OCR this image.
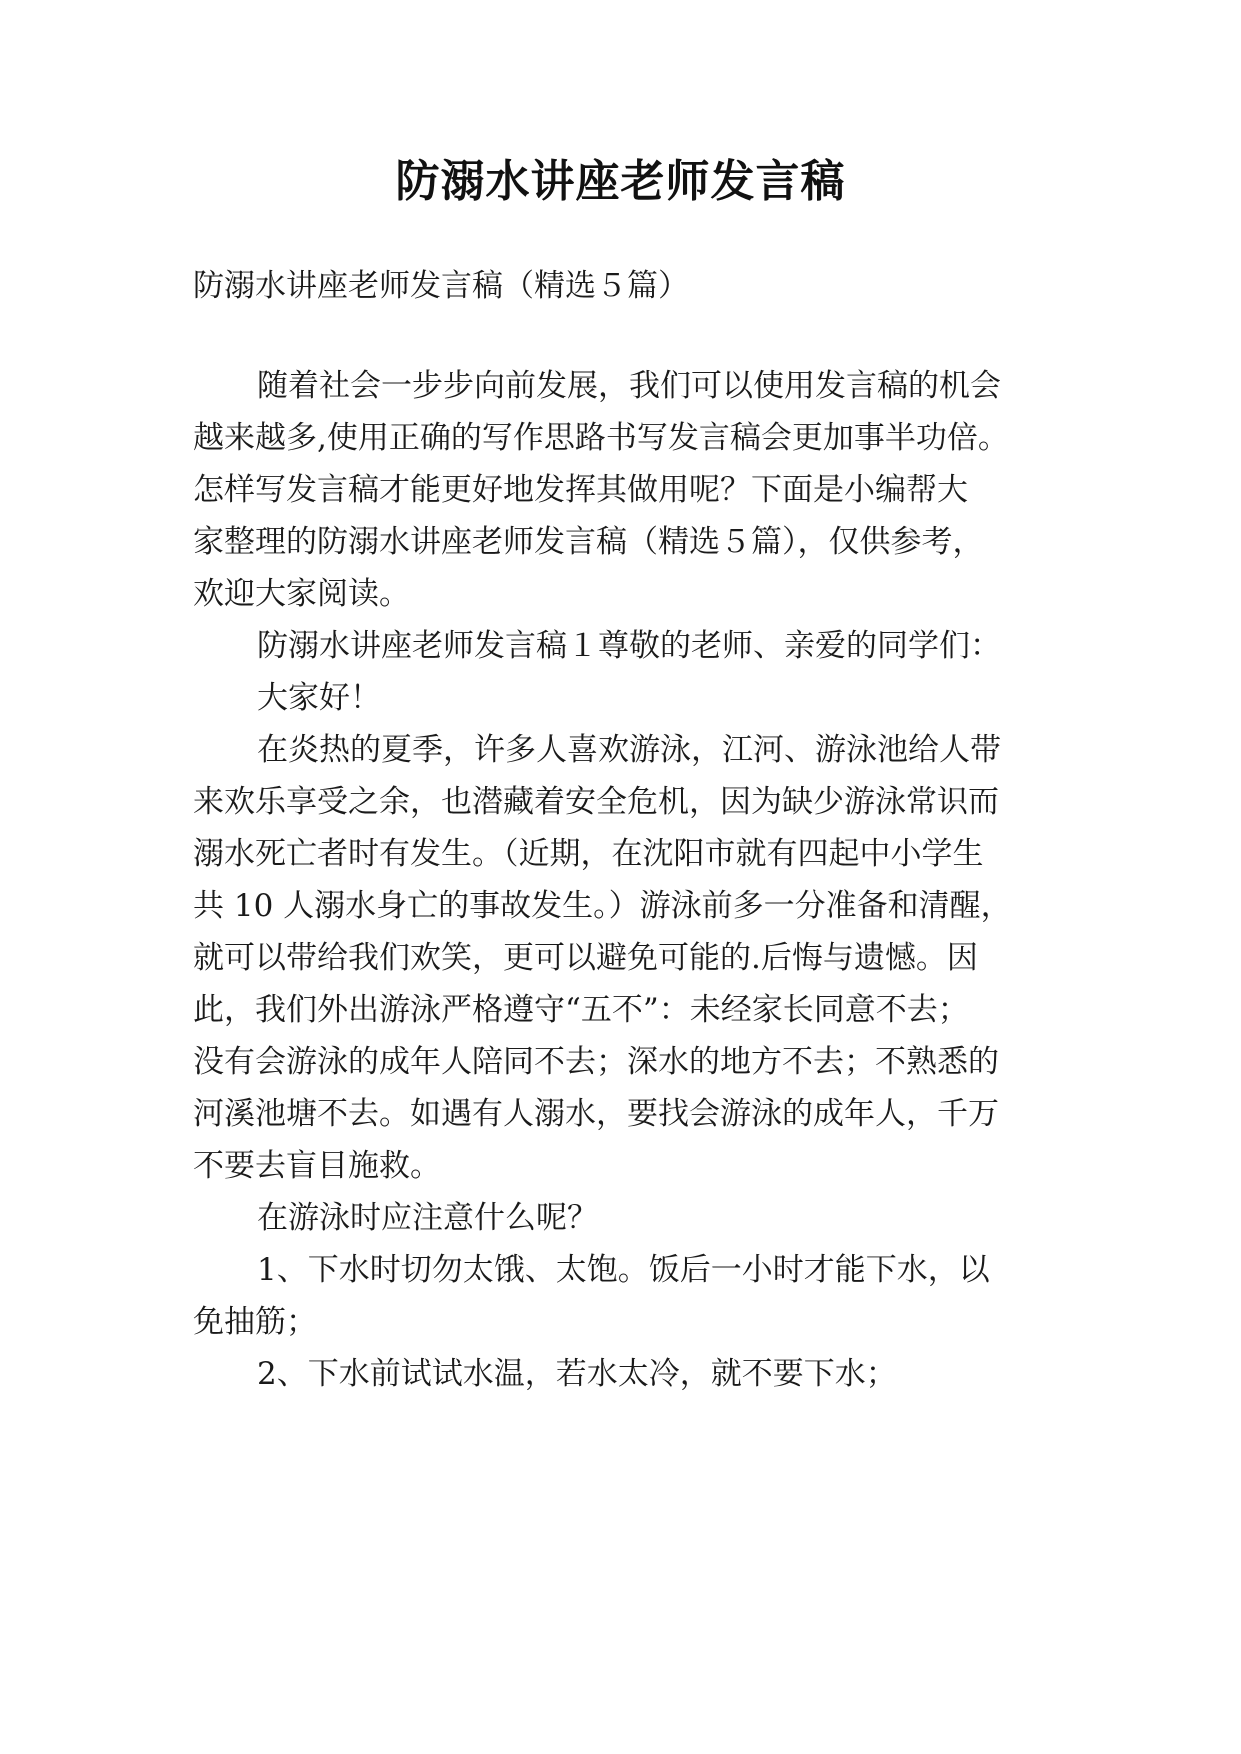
防溺水讲座老师发言稿
防溺水讲座老师发言稿（精选５篇）
随着社会一步步向前发展，我们可以使用发言稿的机会
越来越多,使用正确的写作思路书写发言稿会更加事半功倍。
怎样写发言稿才能更好地发挥其做用呢？下面是小编帮大
家整理的防溺水讲座老师发言稿（精选５篇），仅供参考，
欢迎大家阅读。
防溺水讲座老师发言稿１尊敬的老师、亲爱的同学们：
大家好！
在炎热的夏季，许多人喜欢游泳，江河、游泳池给人带
来欢乐享受之余，也潜藏着安全危机，因为缺少游泳常识而
溺水死亡者时有发生。（近期，在沈阳市就有四起中小学生
共 10 人溺水身亡的事故发生。）游泳前多一分准备和清醒，
就可以带给我们欢笑，更可以避免可能的.后悔与遗憾。因
此，我们外出游泳严格遵守“五不”：未经家长同意不去；
没有会游泳的成年人陪同不去；深水的地方不去；不熟悉的
河溪池塘不去。如遇有人溺水，要找会游泳的成年人，千万
不要去盲目施救。
在游泳时应注意什么呢？
1、下水时切勿太饿、太饱。饭后一小时才能下水，以
免抽筋；
2、下水前试试水温，若水太冷，就不要下水；
